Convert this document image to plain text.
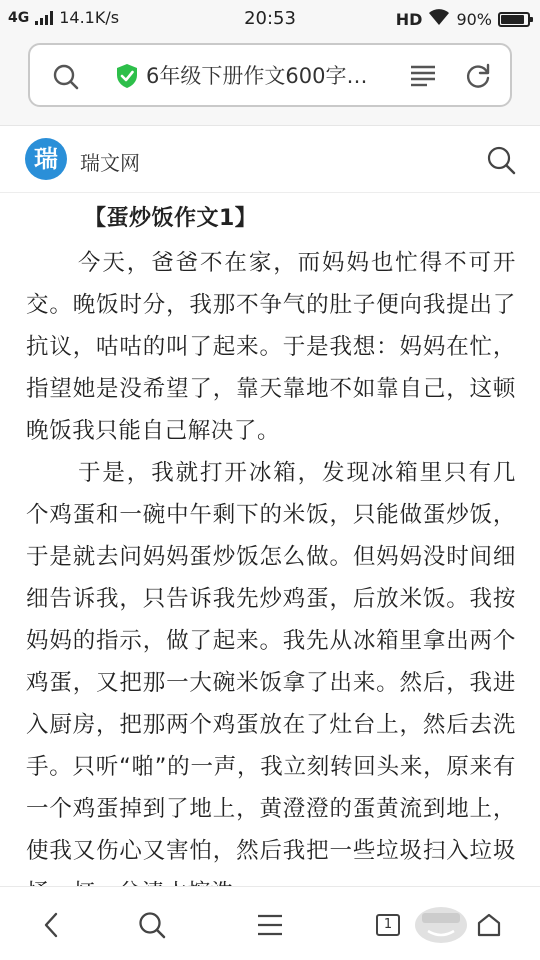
4G 14.1K/s	20:53	HD 90%
6年级下册作文600字…
瑞	瑞文网
【蛋炒饭作文1】

今天，爸爸不在家，而妈妈也忙得不可开交。晚饭时分，我那不争气的肚子便向我提出了抗议，咕咕的叫了起来。于是我想：妈妈在忙，指望她是没希望了，靠天靠地不如靠自己，这顿晚饭我只能自己解决了。

于是，我就打开冰箱，发现冰箱里只有几个鸡蛋和一碗中午剩下的米饭，只能做蛋炒饭，于是就去问妈妈蛋炒饭怎么做。但妈妈没时间细细告诉我，只告诉我先炒鸡蛋，后放米饭。我按妈妈的指示，做了起来。我先从冰箱里拿出两个鸡蛋，又把那一大碗米饭拿了出来。然后，我进入厨房，把那两个鸡蛋放在了灶台上，然后去洗手。只听“啪”的一声，我立刻转回头来，原来有一个鸡蛋掉到了地上，黄澄澄的蛋黄流到地上，使我又伤心又害怕，然后我把一些垃圾扫入垃圾

1
